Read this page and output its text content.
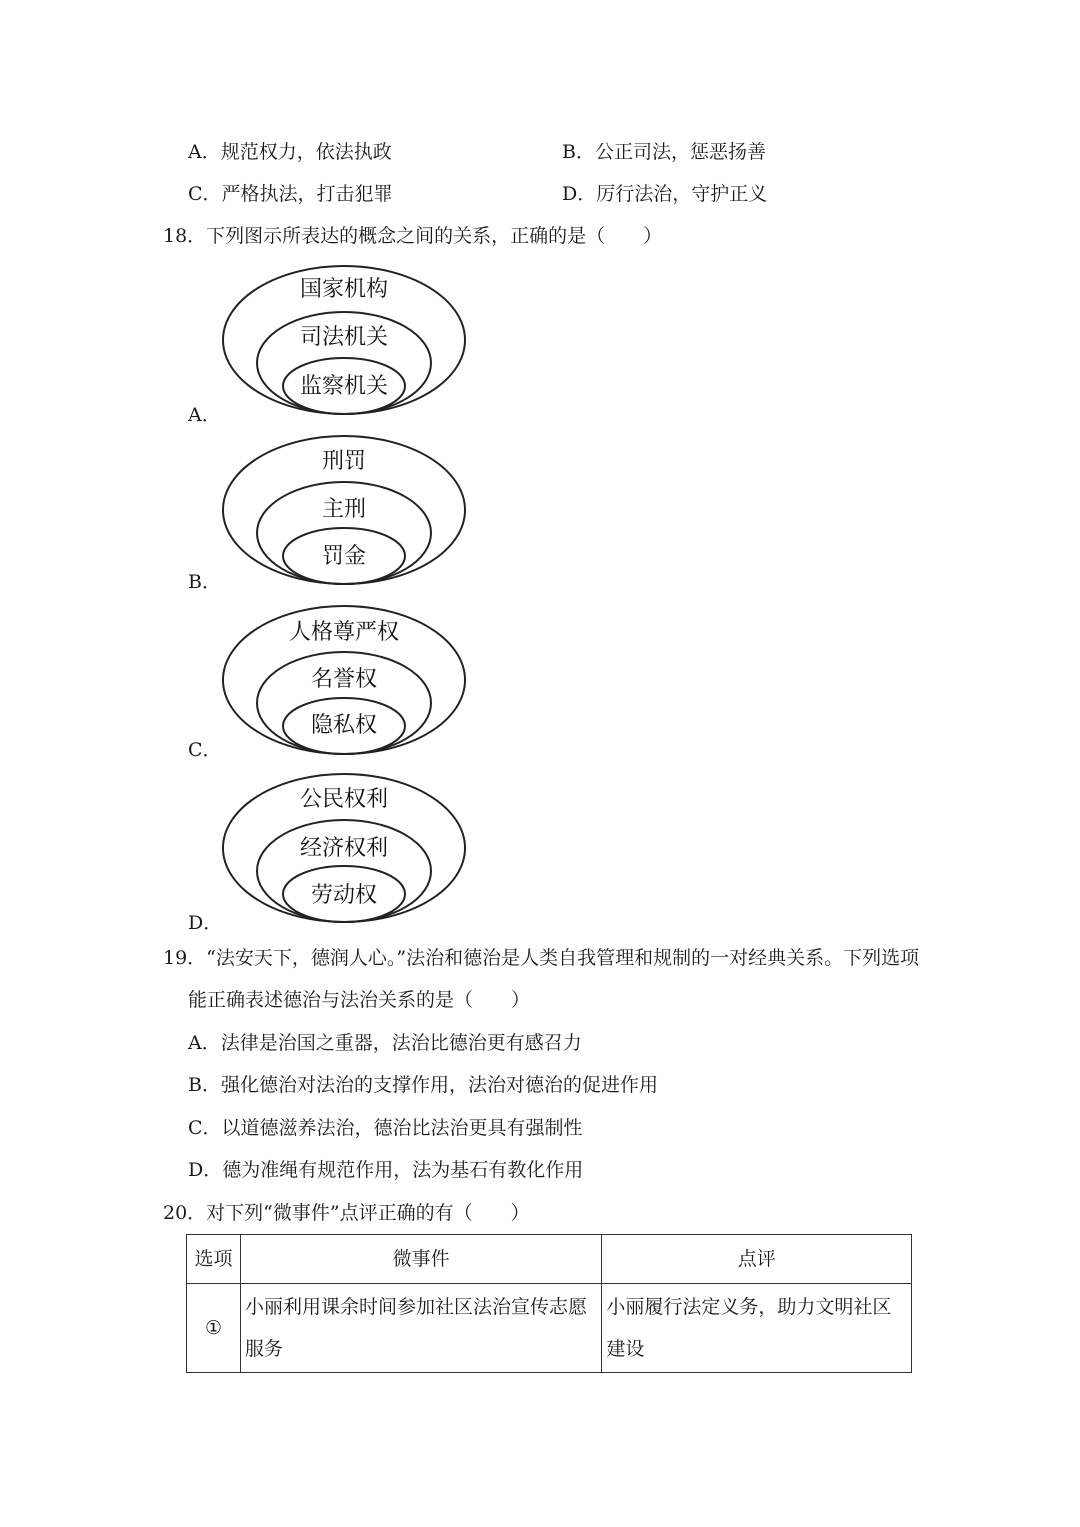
A．规范权力，依法执政	B．公正司法，惩恶扬善
C．严格执法，打击犯罪	D．厉行法治，守护正义
18．下列图示所表达的概念之间的关系，正确的是（　　）
国家机构
司法机关
监察机关
A．
刑罚
主刑
罚金
B．
人格尊严权
名誉权
隐私权
C．
公民权利
经济权利
劳动权
D．
19．“法安天下，德润人心。”法治和德治是人类自我管理和规制的一对经典关系。下列选项
能正确表述德治与法治关系的是（　　）
A．法律是治国之重器，法治比德治更有感召力
B．强化德治对法治的支撑作用，法治对德治的促进作用
C．以道德滋养法治，德治比法治更具有强制性
D．德为准绳有规范作用，法为基石有教化作用
20．对下列“微事件”点评正确的有（　　）
选项	微事件	点评
①	小丽利用课余时间参加社区法治宣传志愿服务	小丽履行法定义务，助力文明社区建设
